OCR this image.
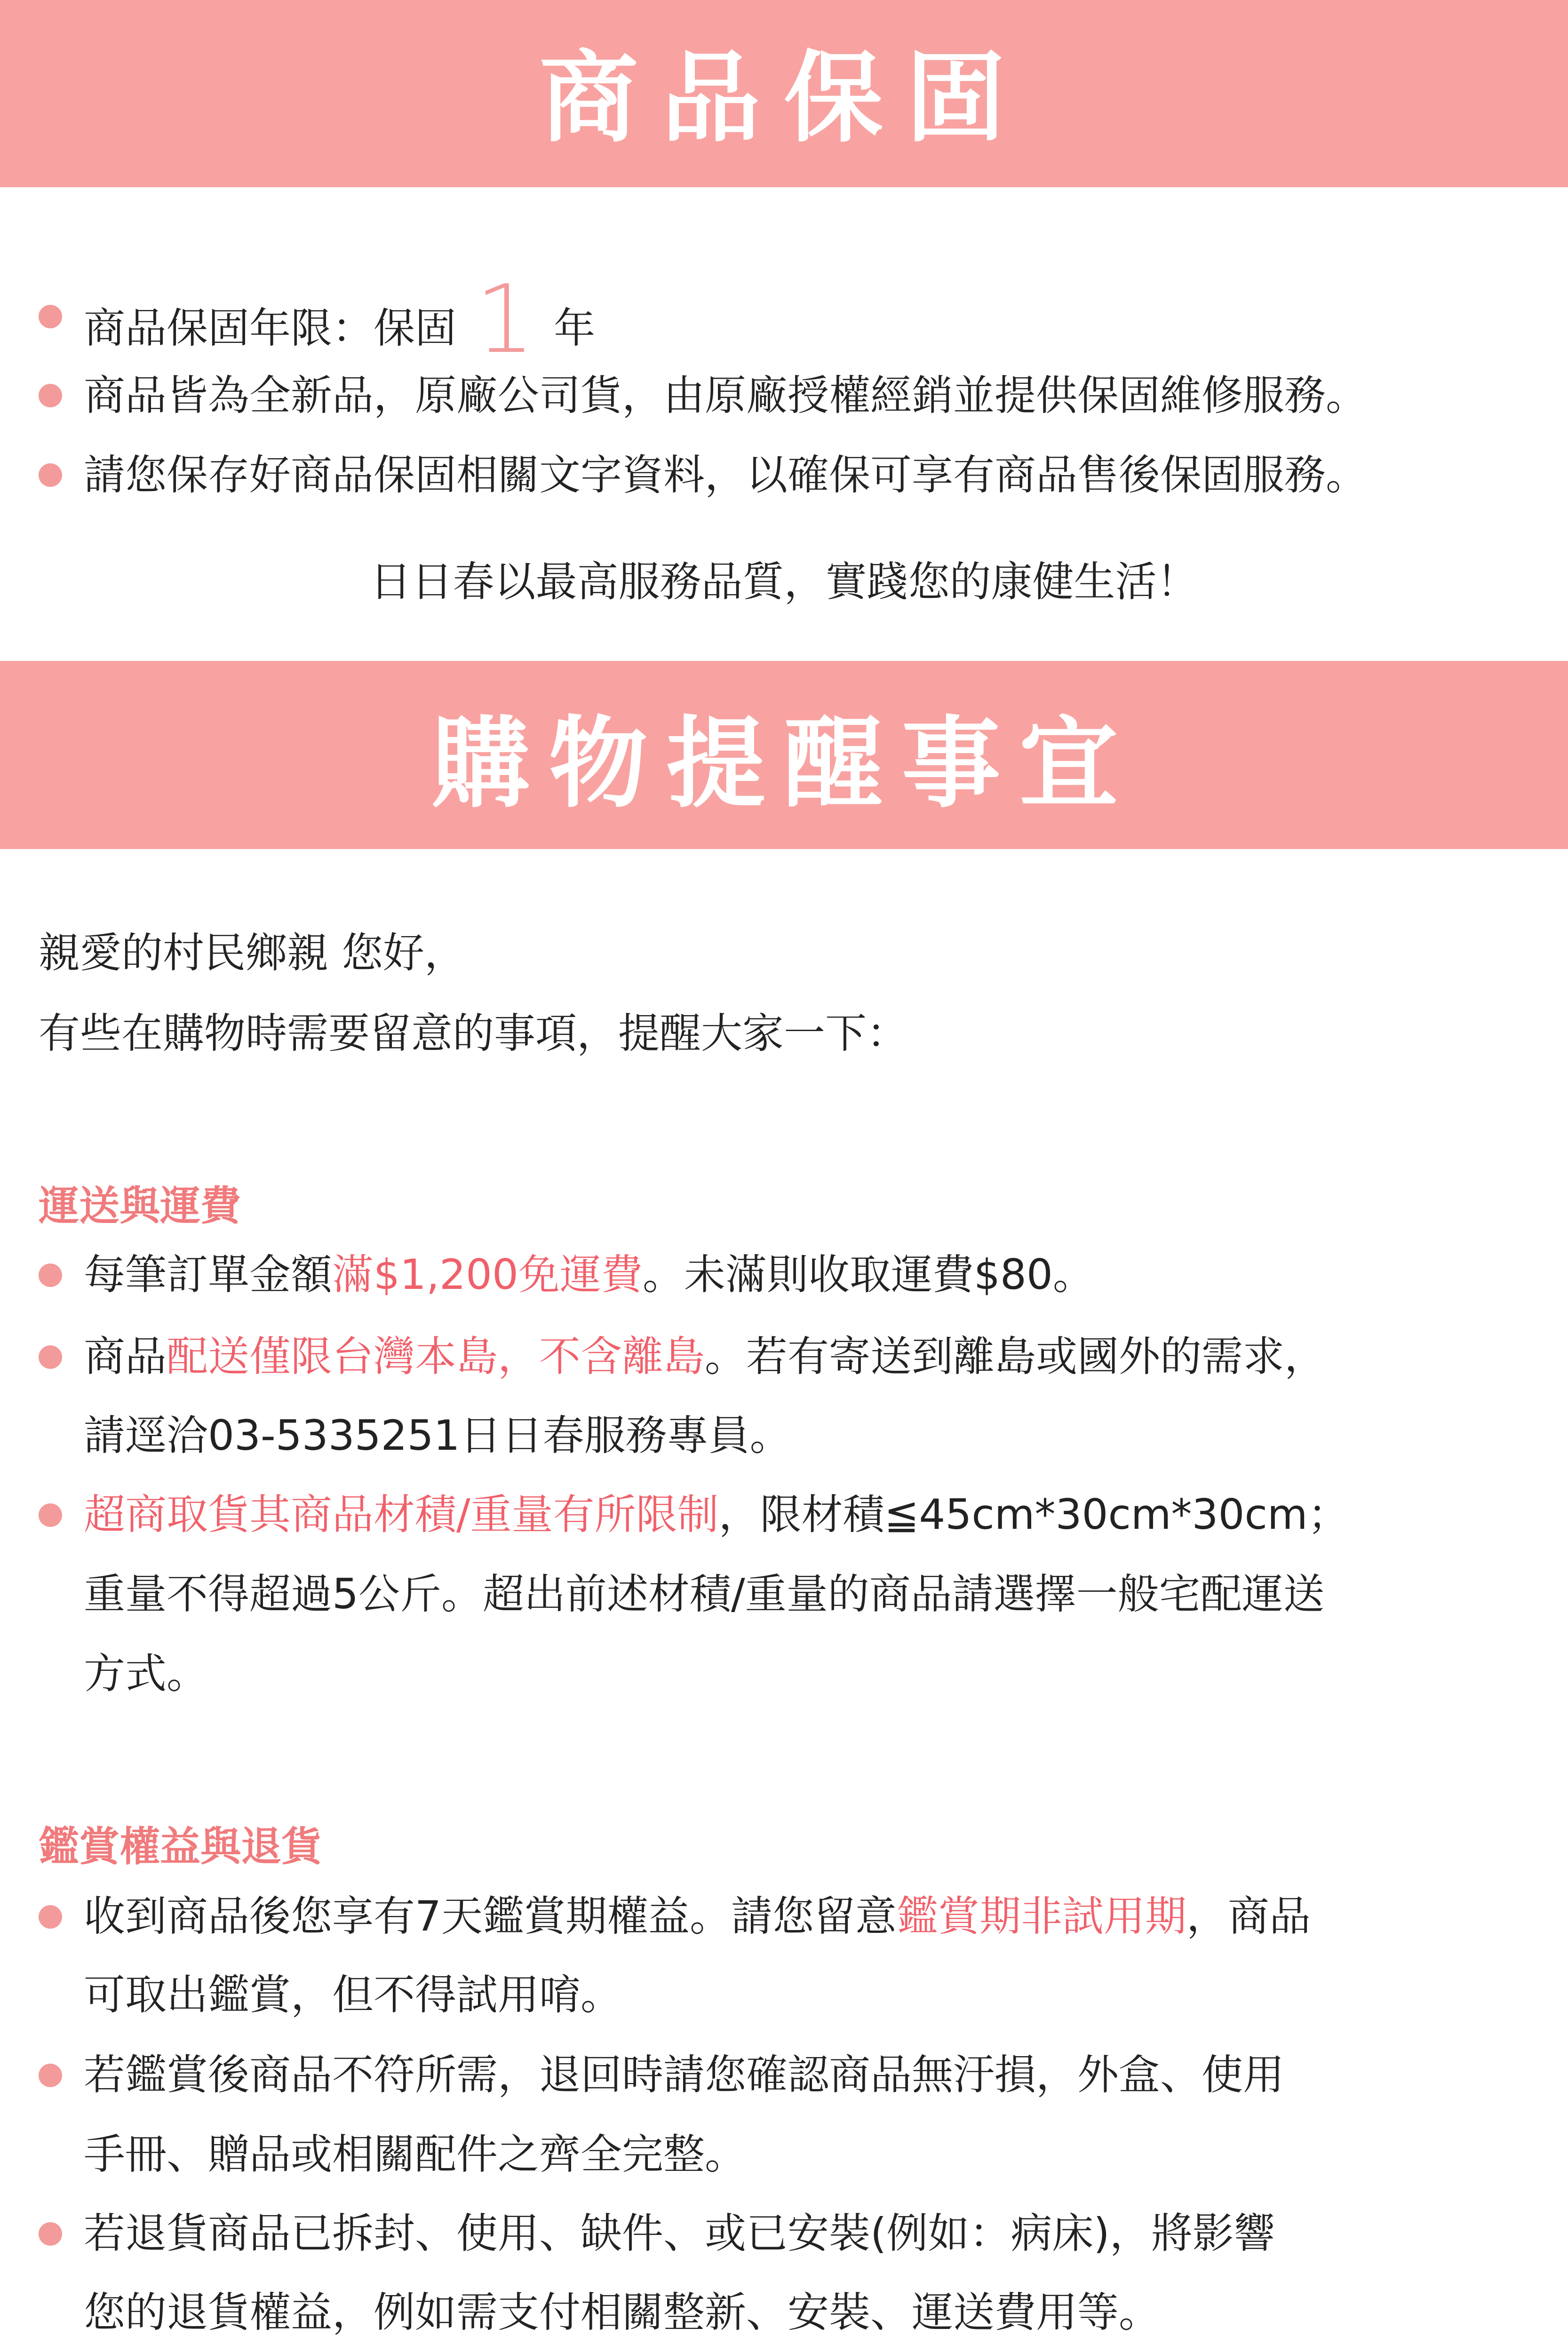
商品保固
商品保固年限：保固 1 年
商品皆為全新品，原廠公司貨，由原廠授權經銷並提供保固維修服務。
請您保存好商品保固相關文字資料，以確保可享有商品售後保固服務。
日日春以最高服務品質，實踐您的康健生活！
購物提醒事宜
親愛的村民鄉親 您好，
有些在購物時需要留意的事項，提醒大家一下：
運送與運費
每筆訂單金額滿$1,200免運費。未滿則收取運費$80。
商品配送僅限台灣本島，不含離島。若有寄送到離島或國外的需求，
請逕洽03-5335251日日春服務專員。
超商取貨其商品材積/重量有所限制，限材積≦45cm*30cm*30cm；
重量不得超過5公斤。超出前述材積/重量的商品請選擇一般宅配運送
方式。
鑑賞權益與退貨
收到商品後您享有7天鑑賞期權益。請您留意鑑賞期非試用期，商品
可取出鑑賞，但不得試用唷。
若鑑賞後商品不符所需，退回時請您確認商品無汙損，外盒、使用
手冊、贈品或相關配件之齊全完整。
若退貨商品已拆封、使用、缺件、或已安裝(例如：病床)，將影響
您的退貨權益，例如需支付相關整新、安裝、運送費用等。
